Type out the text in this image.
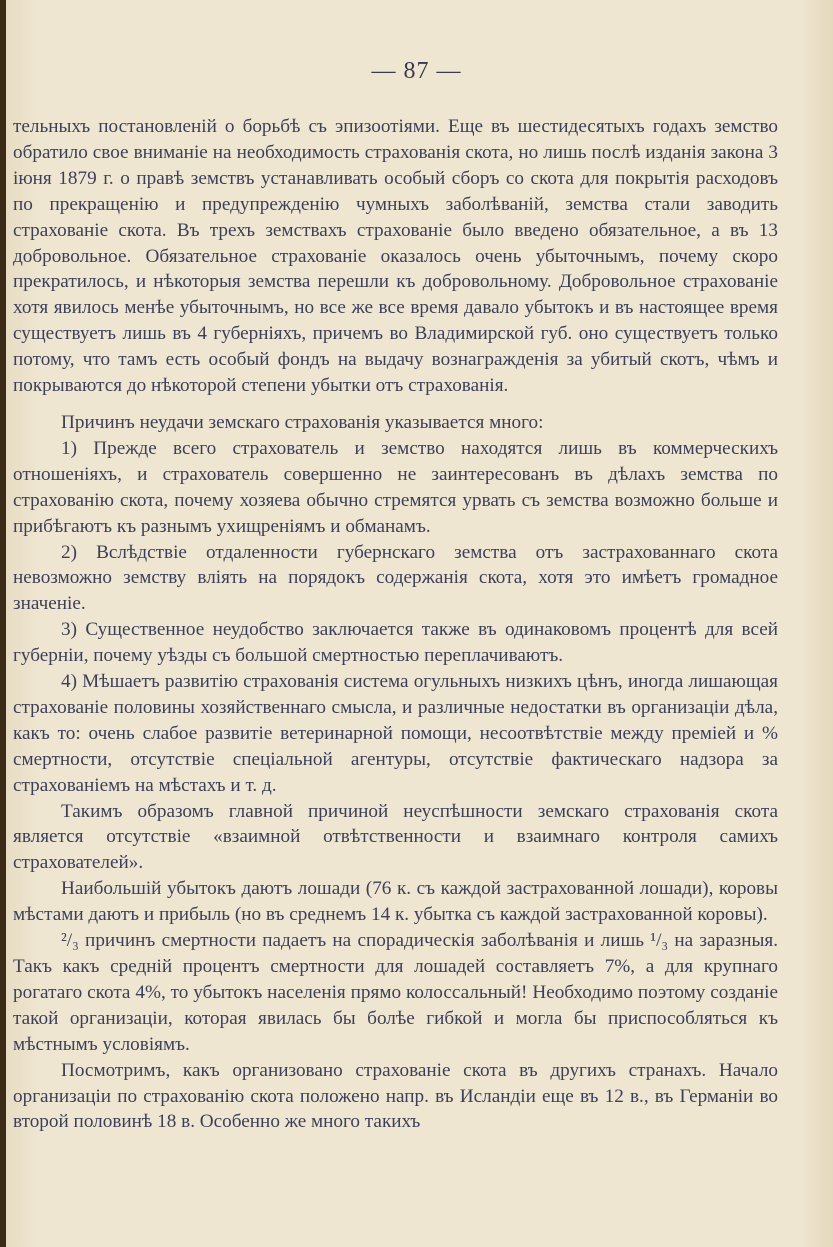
— 87 —

тельныхъ постановленій о борьбѣ съ эпизоотіями. Еще въ шестидесятыхъ годахъ земство обратило свое вниманіе на необходимость страхованія скота, но лишь послѣ изданія закона 3 іюня 1879 г. о правѣ земствъ устанавливать особый сборъ со скота для покрытія расходовъ по прекращенію и предупрежденію чумныхъ заболѣваній, земства стали заводить страхованіе скота. Въ трехъ земствахъ страхованіе было введено обязательное, а въ 13 добровольное. Обязательное страхованіе оказалось очень убыточнымъ, почему скоро прекратилось, и нѣкоторыя земства перешли къ добровольному. Добровольное страхованіе хотя явилось менѣе убыточнымъ, но все же все время давало убытокъ и въ настоящее время существуетъ лишь въ 4 губерніяхъ, причемъ во Владимирской губ. оно существуетъ только потому, что тамъ есть особый фондъ на выдачу вознагражденія за убитый скотъ, чѣмъ и покрываются до нѣкоторой степени убытки отъ страхованія.

Причинъ неудачи земскаго страхованія указывается много:

1) Прежде всего страхователь и земство находятся лишь въ коммерческихъ отношеніяхъ, и страхователь совершенно не заинтересованъ въ дѣлахъ земства по страхованію скота, почему хозяева обычно стремятся урвать съ земства возможно больше и прибѣгаютъ къ разнымъ ухищреніямъ и обманамъ.

2) Вслѣдствіе отдаленности губернскаго земства отъ застрахованнаго скота невозможно земству вліять на порядокъ содержанія скота, хотя это имѣетъ громадное значеніе.

3) Существенное неудобство заключается также въ одинаковомъ процентѣ для всей губерніи, почему уѣзды съ большой смертностью переплачиваютъ.

4) Мѣшаетъ развитію страхованія система огульныхъ низкихъ цѣнъ, иногда лишающая страхованіе половины хозяйственнаго смысла, и различные недостатки въ организаціи дѣла, какъ то: очень слабое развитіе ветеринарной помощи, несоотвѣтствіе между преміей и % смертности, отсутствіе спеціальной агентуры, отсутствіе фактическаго надзора за страхованіемъ на мѣстахъ и т. д.

Такимъ образомъ главной причиной неуспѣшности земскаго страхованія скота является отсутствіе «взаимной отвѣтственности и взаимнаго контроля самихъ страхователей».

Наибольшій убытокъ даютъ лошади (76 к. съ каждой застрахованной лошади), коровы мѣстами даютъ и прибыль (но въ среднемъ 14 к. убытка съ каждой застрахованной коровы).

²/₃ причинъ смертности падаетъ на спорадическія заболѣванія и лишь ¹/₃ на заразныя. Такъ какъ средній процентъ смертности для лошадей составляетъ 7%, а для крупнаго рогатаго скота 4%, то убытокъ населенія прямо колоссальный! Необходимо поэтому созданіе такой организаціи, которая явилась бы болѣе гибкой и могла бы приспособляться къ мѣстнымъ условіямъ.

Посмотримъ, какъ организовано страхованіе скота въ другихъ странахъ. Начало организаціи по страхованію скота положено напр. въ Исландіи еще въ 12 в., въ Германіи во второй половинѣ 18 в. Особенно же много такихъ
